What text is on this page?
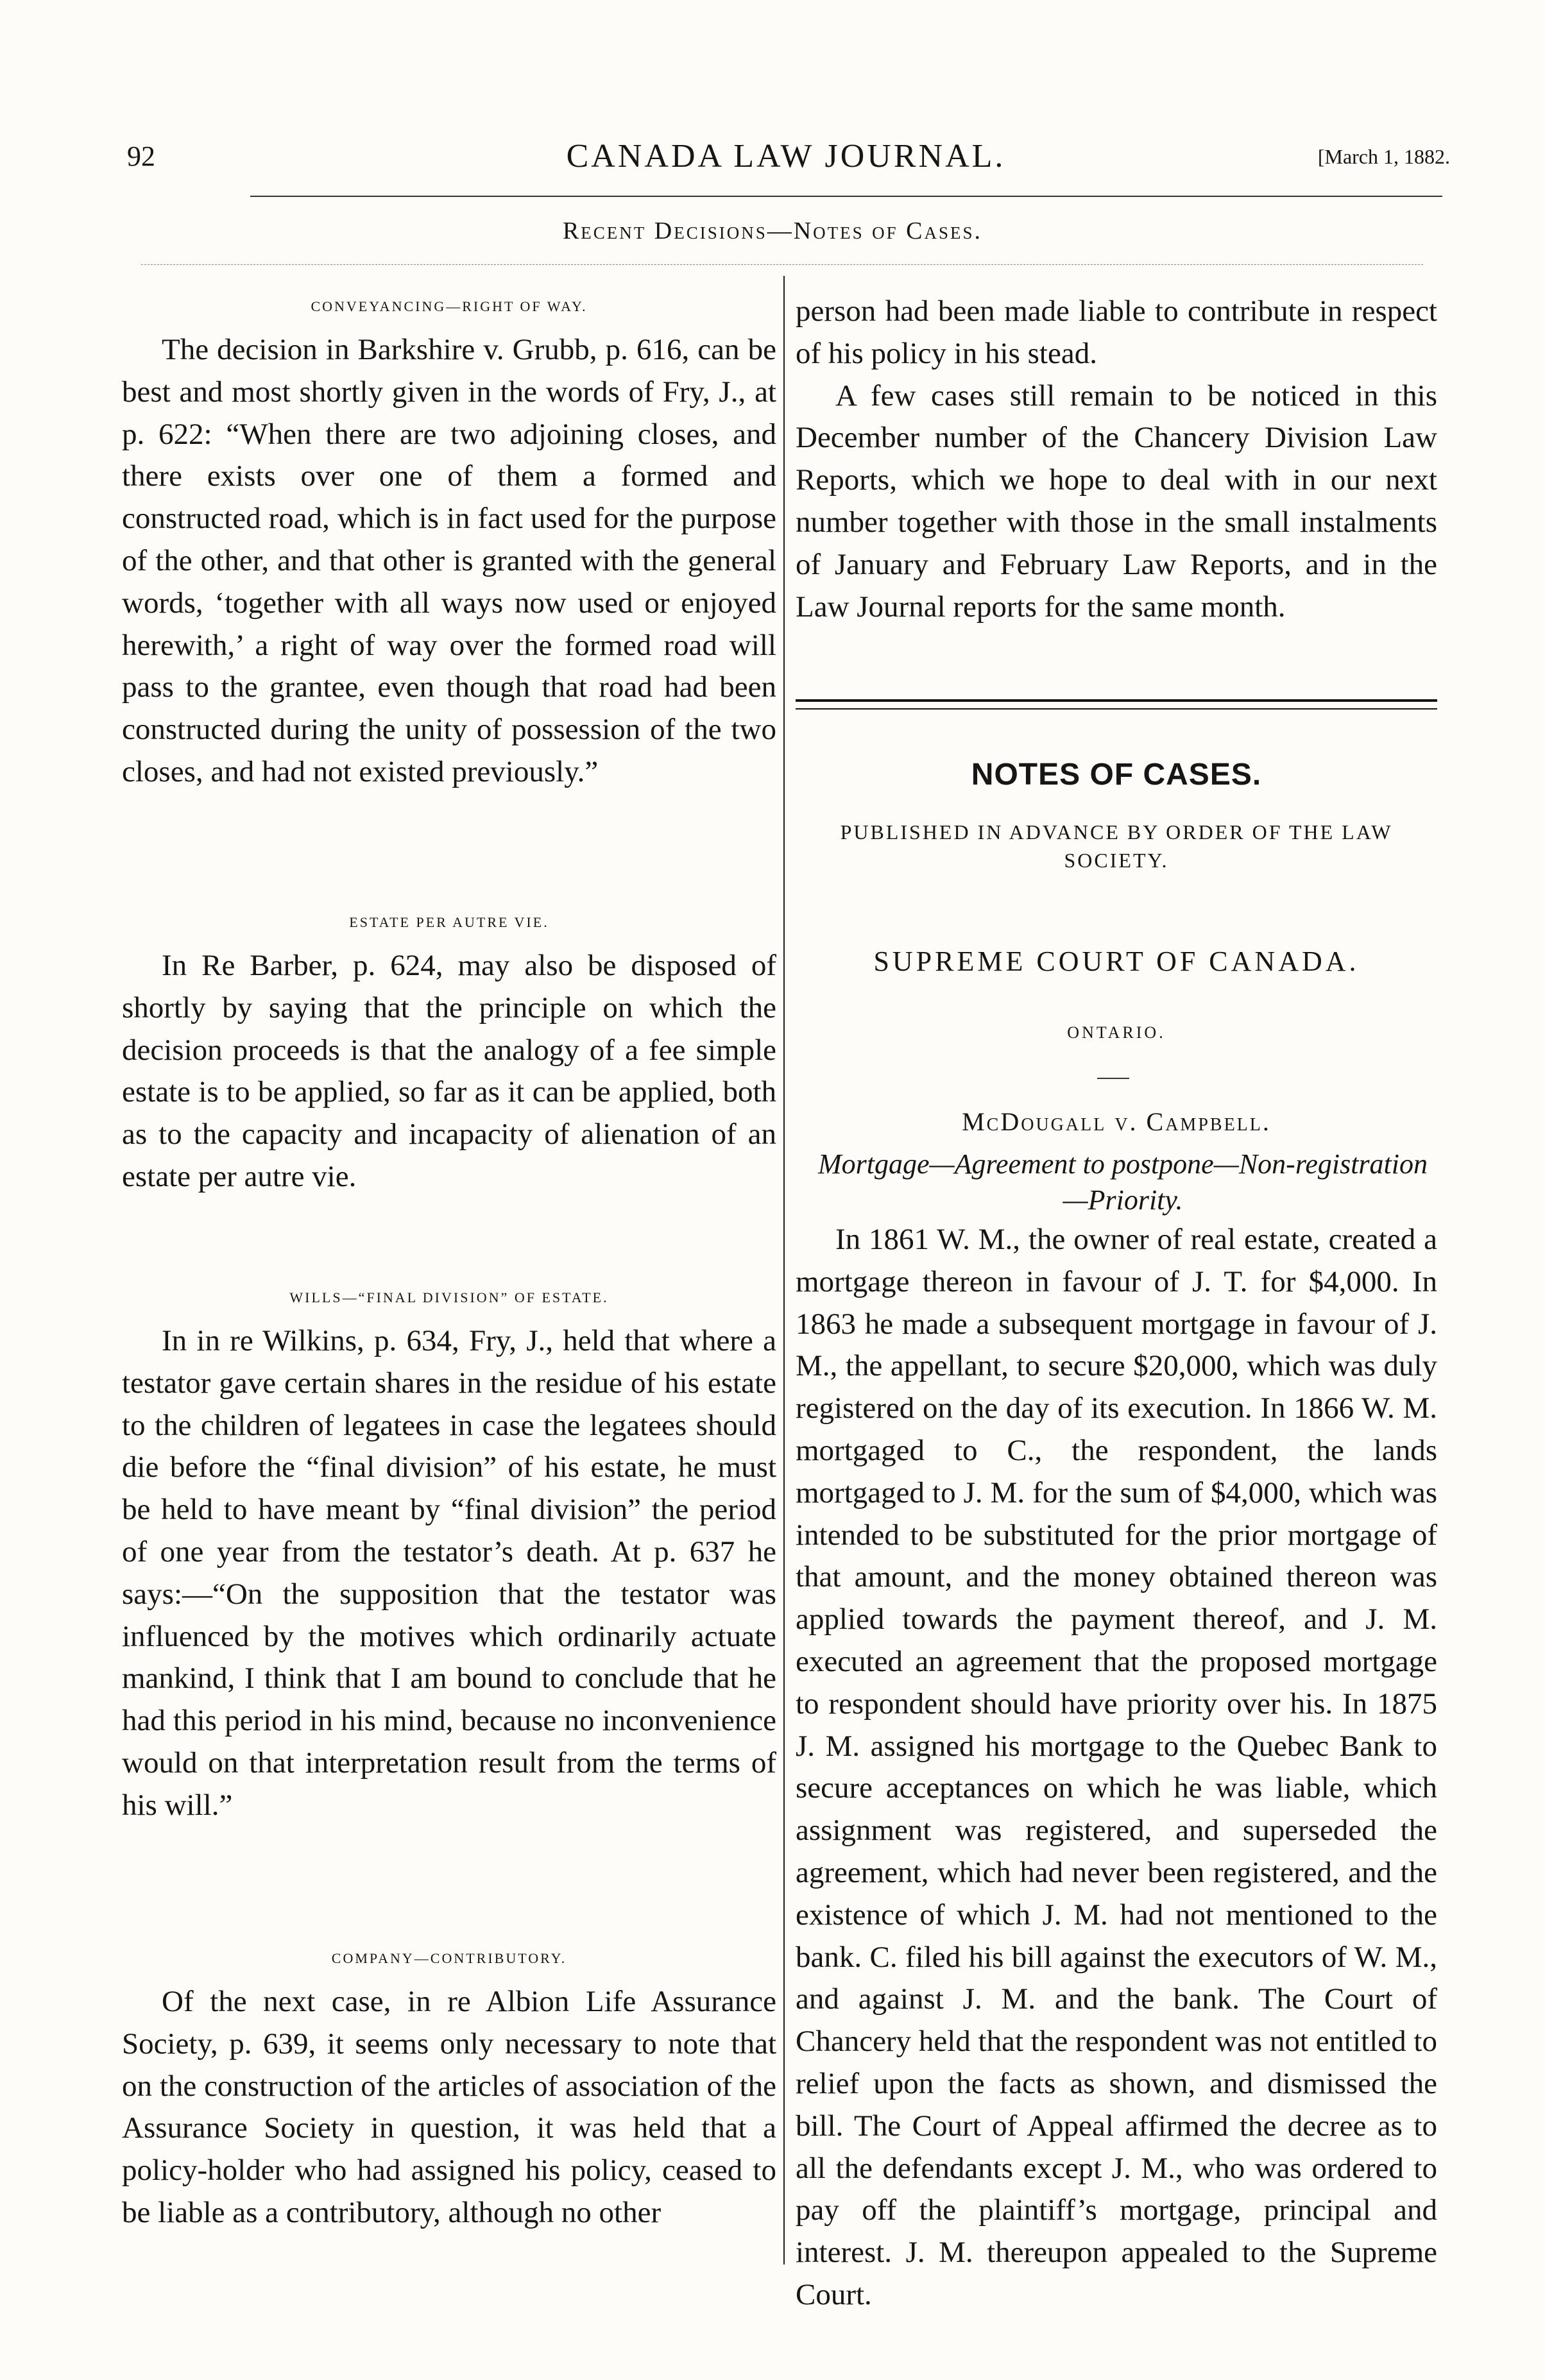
92	CANADA LAW JOURNAL.	[March 1, 1882.
Recent Decisions—Notes of Cases.

CONVEYANCING—RIGHT OF WAY.

The decision in Barkshire v. Grubb, p. 616, can be best and most shortly given in the words of Fry, J., at p. 622: “When there are two adjoining closes, and there exists over one of them a formed and constructed road, which is in fact used for the purpose of the other, and that other is granted with the general words, ‘together with all ways now used or enjoyed herewith,’ a right of way over the formed road will pass to the grantee, even though that road had been constructed during the unity of possession of the two closes, and had not existed previously.”

ESTATE PER AUTRE VIE.

In Re Barber, p. 624, may also be disposed of shortly by saying that the principle on which the decision proceeds is that the analogy of a fee simple estate is to be applied, so far as it can be applied, both as to the capacity and incapacity of alienation of an estate per autre vie.

WILLS—“FINAL DIVISION” OF ESTATE.

In in re Wilkins, p. 634, Fry, J., held that where a testator gave certain shares in the residue of his estate to the children of legatees in case the legatees should die before the “final division” of his estate, he must be held to have meant by “final division” the period of one year from the testator’s death. At p. 637 he says:—“On the supposition that the testator was influenced by the motives which ordinarily actuate mankind, I think that I am bound to conclude that he had this period in his mind, because no inconvenience would on that interpretation result from the terms of his will.”

COMPANY—CONTRIBUTORY.

Of the next case, in re Albion Life Assurance Society, p. 639, it seems only necessary to note that on the construction of the articles of association of the Assurance Society in question, it was held that a policy-holder who had assigned his policy, ceased to be liable as a contributory, although no other

person had been made liable to contribute in respect of his policy in his stead.

A few cases still remain to be noticed in this December number of the Chancery Division Law Reports, which we hope to deal with in our next number together with those in the small instalments of January and February Law Reports, and in the Law Journal reports for the same month.

NOTES OF CASES.
PUBLISHED IN ADVANCE BY ORDER OF THE LAW SOCIETY.
SUPREME COURT OF CANADA.
ONTARIO.
McDougall v. Campbell.
Mortgage—Agreement to postpone—Non-registration—Priority.

In 1861 W. M., the owner of real estate, created a mortgage thereon in favour of J. T. for $4,000. In 1863 he made a subsequent mortgage in favour of J. M., the appellant, to secure $20,000, which was duly registered on the day of its execution. In 1866 W. M. mortgaged to C., the respondent, the lands mortgaged to J. M. for the sum of $4,000, which was intended to be substituted for the prior mortgage of that amount, and the money obtained thereon was applied towards the payment thereof, and J. M. executed an agreement that the proposed mortgage to respondent should have priority over his. In 1875 J. M. assigned his mortgage to the Quebec Bank to secure acceptances on which he was liable, which assignment was registered, and superseded the agreement, which had never been registered, and the existence of which J. M. had not mentioned to the bank. C. filed his bill against the executors of W. M., and against J. M. and the bank. The Court of Chancery held that the respondent was not entitled to relief upon the facts as shown, and dismissed the bill. The Court of Appeal affirmed the decree as to all the defendants except J. M., who was ordered to pay off the plaintiff’s mortgage, principal and interest. J. M. thereupon appealed to the Supreme Court.
